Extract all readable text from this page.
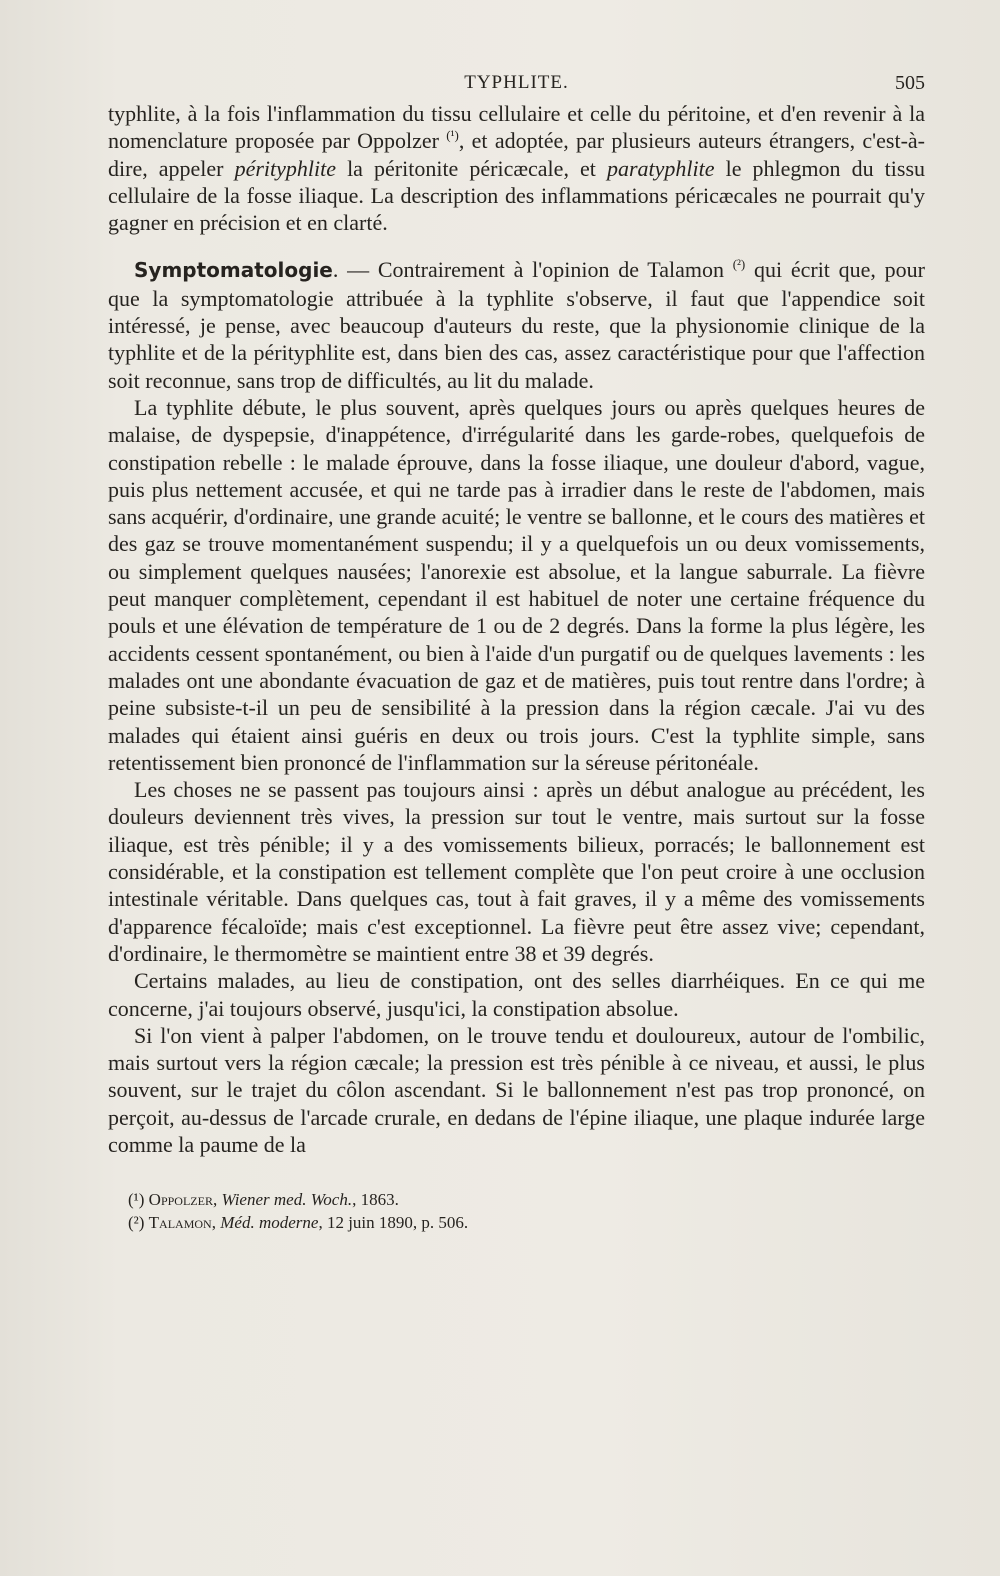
TYPHLITE.	505

typhlite, à la fois l'inflammation du tissu cellulaire et celle du péritoine, et d'en revenir à la nomenclature proposée par Oppolzer $^{(^1)}$, et adoptée, par plusieurs auteurs étrangers, c'est-à-dire, appeler pérityphlite la péritonite péricæcale, et paratyphlite le phlegmon du tissu cellulaire de la fosse iliaque. La description des inflammations péricæcales ne pourrait qu'y gagner en précision et en clarté.

Symptomatologie. — Contrairement à l'opinion de Talamon $^{(^2)}$ qui écrit que, pour que la symptomatologie attribuée à la typhlite s'observe, il faut que l'appendice soit intéressé, je pense, avec beaucoup d'auteurs du reste, que la physionomie clinique de la typhlite et de la pérityphlite est, dans bien des cas, assez caractéristique pour que l'affection soit reconnue, sans trop de difficultés, au lit du malade.

La typhlite débute, le plus souvent, après quelques jours ou après quelques heures de malaise, de dyspepsie, d'inappétence, d'irrégularité dans les garde-robes, quelquefois de constipation rebelle : le malade éprouve, dans la fosse iliaque, une douleur d'abord, vague, puis plus nettement accusée, et qui ne tarde pas à irradier dans le reste de l'abdomen, mais sans acquérir, d'ordinaire, une grande acuité; le ventre se ballonne, et le cours des matières et des gaz se trouve momentanément suspendu; il y a quelquefois un ou deux vomissements, ou simplement quelques nausées; l'anorexie est absolue, et la langue saburrale. La fièvre peut manquer complètement, cependant il est habituel de noter une certaine fréquence du pouls et une élévation de température de 1 ou de 2 degrés. Dans la forme la plus légère, les accidents cessent spontanément, ou bien à l'aide d'un purgatif ou de quelques lavements : les malades ont une abondante évacuation de gaz et de matières, puis tout rentre dans l'ordre; à peine subsiste-t-il un peu de sensibilité à la pression dans la région cæcale. J'ai vu des malades qui étaient ainsi guéris en deux ou trois jours. C'est la typhlite simple, sans retentissement bien prononcé de l'inflammation sur la séreuse péritonéale.

Les choses ne se passent pas toujours ainsi : après un début analogue au précédent, les douleurs deviennent très vives, la pression sur tout le ventre, mais surtout sur la fosse iliaque, est très pénible; il y a des vomissements bilieux, porracés; le ballonnement est considérable, et la constipation est tellement complète que l'on peut croire à une occlusion intestinale véritable. Dans quelques cas, tout à fait graves, il y a même des vomissements d'apparence fécaloïde; mais c'est exceptionnel. La fièvre peut être assez vive; cependant, d'ordinaire, le thermomètre se maintient entre 38 et 39 degrés.

Certains malades, au lieu de constipation, ont des selles diarrhéiques. En ce qui me concerne, j'ai toujours observé, jusqu'ici, la constipation absolue.

Si l'on vient à palper l'abdomen, on le trouve tendu et douloureux, autour de l'ombilic, mais surtout vers la région cæcale; la pression est très pénible à ce niveau, et aussi, le plus souvent, sur le trajet du côlon ascendant. Si le ballonnement n'est pas trop prononcé, on perçoit, au-dessus de l'arcade crurale, en dedans de l'épine iliaque, une plaque indurée large comme la paume de la

(¹) Oppolzer, Wiener med. Woch., 1863.

(²) Talamon, Méd. moderne, 12 juin 1890, p. 506.
